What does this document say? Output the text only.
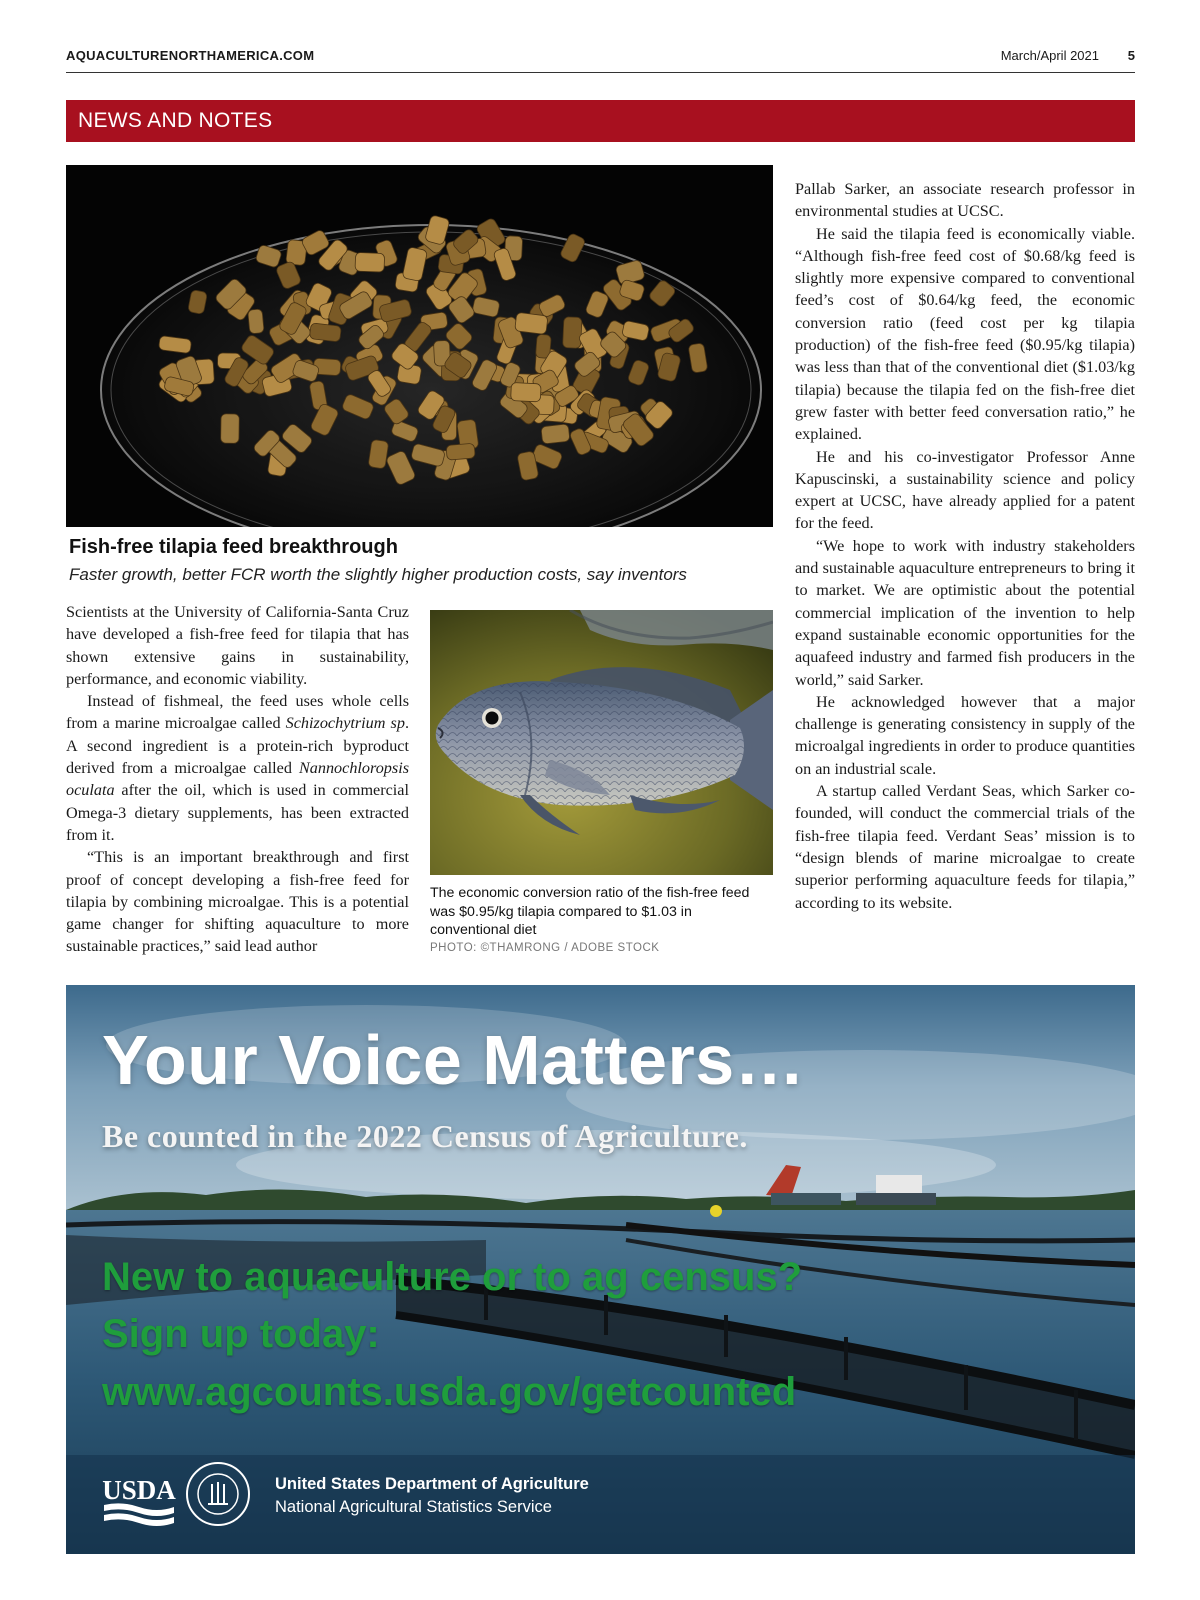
AQUACULTURENORTHAMERICA.COM	March/April 2021 5
NEWS AND NOTES
Fish-free tilapia feed breakthrough
Faster growth, better FCR worth the slightly higher production costs, say inventors

Scientists at the University of California-Santa Cruz have developed a fish-free feed for tilapia that has shown extensive gains in sustainability, performance, and economic viability.

Instead of fishmeal, the feed uses whole cells from a marine microalgae called Schizochytrium sp. A second ingredient is a protein-rich byproduct derived from a microalgae called Nannochloropsis oculata after the oil, which is used in commercial Omega-3 dietary supplements, has been extracted from it.

“This is an important breakthrough and first proof of concept developing a fish-free feed for tilapia by combining microalgae. This is a potential game changer for shifting aquaculture to more sustainable practices,” said lead author

The economic conversion ratio of the fish-free feed was $0.95/kg tilapia compared to $1.03 in conventional diet
PHOTO: ©THAMRONG / ADOBE STOCK

Pallab Sarker, an associate research professor in environmental studies at UCSC.

He said the tilapia feed is economically viable. “Although fish-free feed cost of $0.68/kg feed is slightly more expensive compared to conventional feed’s cost of $0.64/kg feed, the economic conversion ratio (feed cost per kg tilapia production) of the fish-free feed ($0.95/kg tilapia) was less than that of the conventional diet ($1.03/kg tilapia) because the tilapia fed on the fish-free diet grew faster with better feed conversation ratio,” he explained.

He and his co-investigator Professor Anne Kapuscinski, a sustainability science and policy expert at UCSC, have already applied for a patent for the feed.

“We hope to work with industry stakeholders and sustainable aquaculture entrepreneurs to bring it to market. We are optimistic about the potential commercial implication of the invention to help expand sustainable economic opportunities for the aquafeed industry and farmed fish producers in the world,” said Sarker.

He acknowledged however that a major challenge is generating consistency in supply of the microalgal ingredients in order to produce quantities on an industrial scale.

A startup called Verdant Seas, which Sarker co-founded, will conduct the commercial trials of the fish-free tilapia feed. Verdant Seas’ mission is to “design blends of marine microalgae to create superior performing aquaculture feeds for tilapia,” according to its website.

Your Voice Matters…
Be counted in the 2022 Census of Agriculture.
New to aquaculture or to ag census?
Sign up today:
www.agcounts.usda.gov/getcounted
USDA	United States Department of Agriculture
National Agricultural Statistics Service
